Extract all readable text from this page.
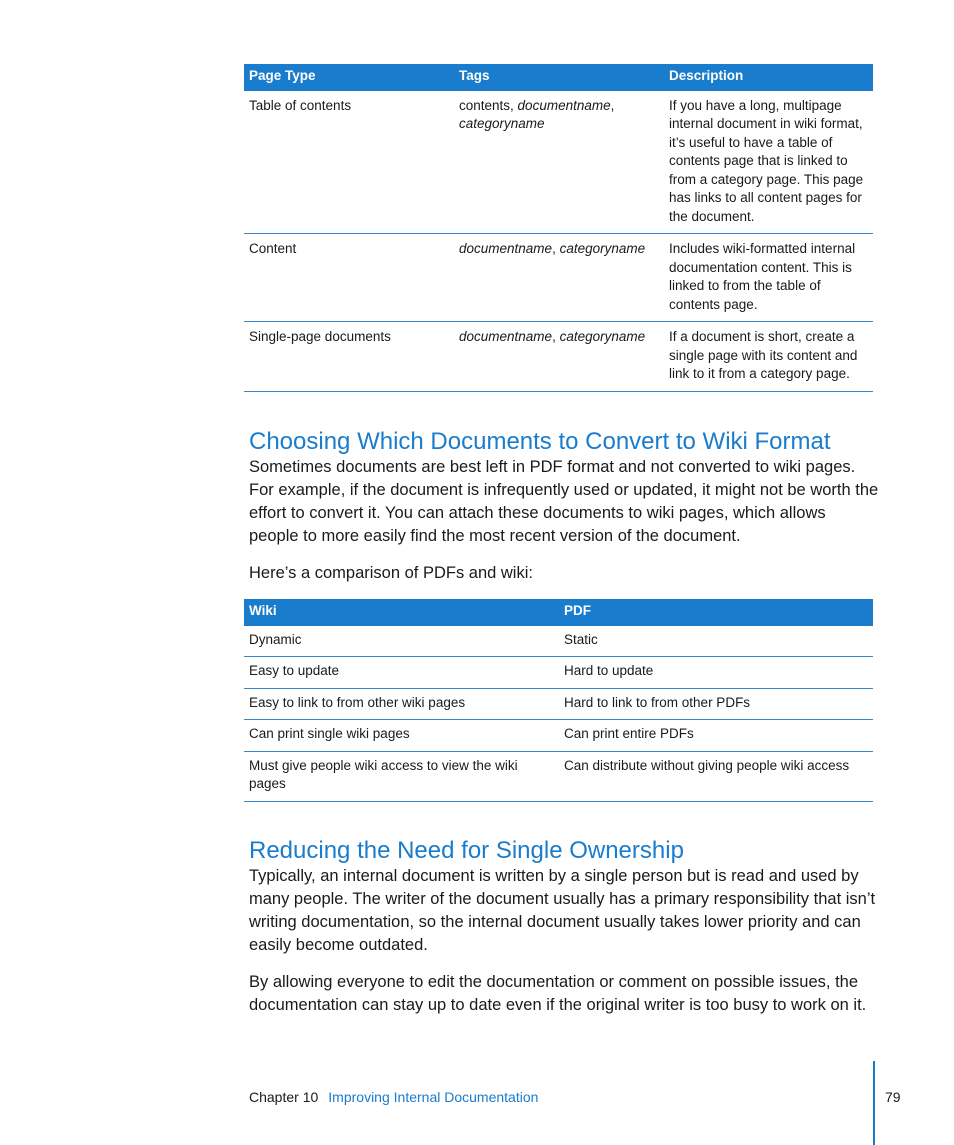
Page Type	Tags	Description
Table of contents	contents, documentname, categoryname	If you have a long, multipage internal document in wiki format, it’s useful to have a table of contents page that is linked to from a category page. This page has links to all content pages for the document.
Content	documentname, categoryname	Includes wiki-formatted internal documentation content. This is linked to from the table of contents page.
Single-page documents	documentname, categoryname	If a document is short, create a single page with its content and link to it from a category page.
Choosing Which Documents to Convert to Wiki Format

Sometimes documents are best left in PDF format and not converted to wiki pages. For example, if the document is infrequently used or updated, it might not be worth the effort to convert it. You can attach these documents to wiki pages, which allows people to more easily find the most recent version of the document.

Here’s a comparison of PDFs and wiki:

Wiki	PDF
Dynamic	Static
Easy to update	Hard to update
Easy to link to from other wiki pages	Hard to link to from other PDFs
Can print single wiki pages	Can print entire PDFs
Must give people wiki access to view the wiki pages	Can distribute without giving people wiki access
Reducing the Need for Single Ownership

Typically, an internal document is written by a single person but is read and used by many people. The writer of the document usually has a primary responsibility that isn’t writing documentation, so the internal document usually takes lower priority and can easily become outdated.

By allowing everyone to edit the documentation or comment on possible issues, the documentation can stay up to date even if the original writer is too busy to work on it.

Chapter 10 Improving Internal Documentation	79
